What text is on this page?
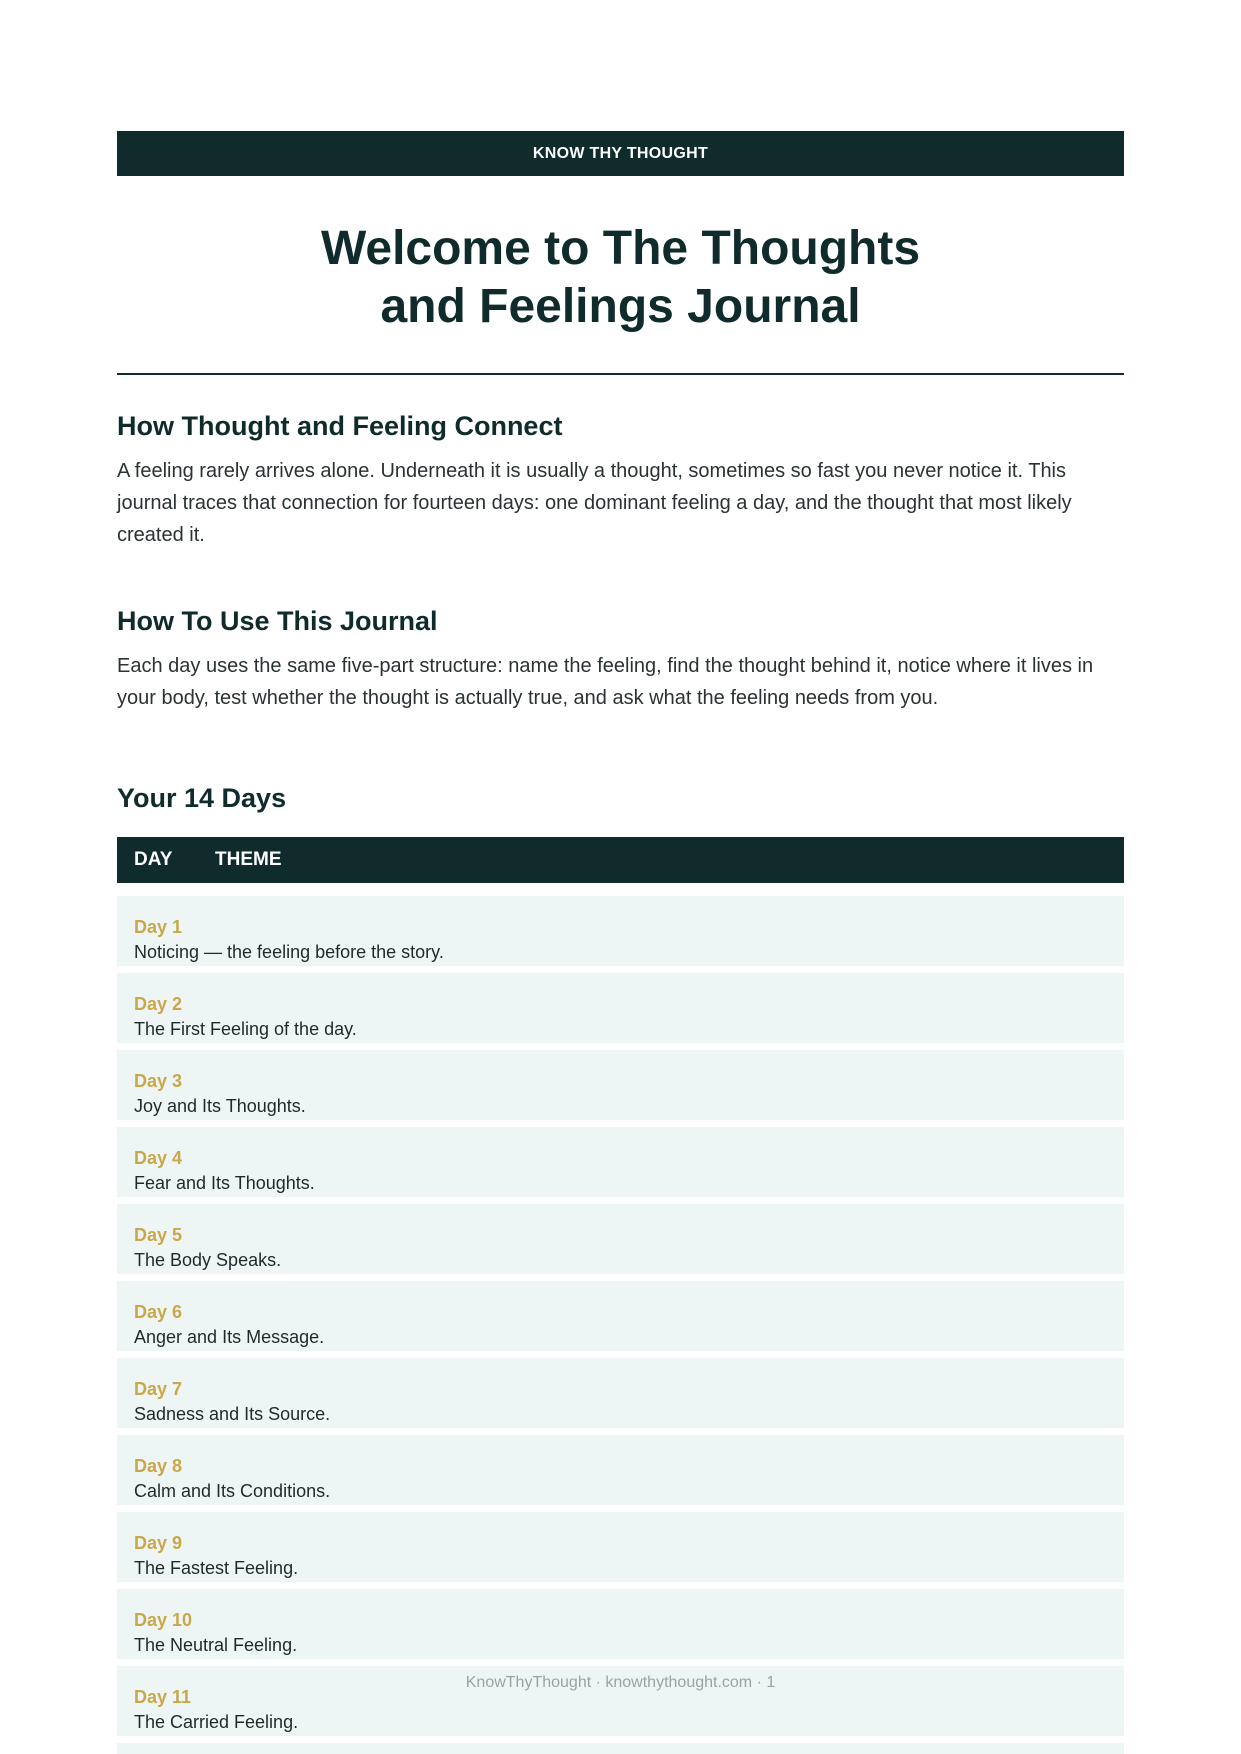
KNOW THY THOUGHT
Welcome to The Thoughts
and Feelings Journal
How Thought and Feeling Connect

A feeling rarely arrives alone. Underneath it is usually a thought, sometimes so fast you never notice it. This journal traces that connection for fourteen days: one dominant feeling a day, and the thought that most likely created it.

How To Use This Journal

Each day uses the same five-part structure: name the feeling, find the thought behind it, notice where it lives in your body, test whether the thought is actually true, and ask what the feeling needs from you.

Your 14 Days
DAY	THEME
Day 1
Noticing — the feeling before the story.
Day 2
The First Feeling of the day.
Day 3
Joy and Its Thoughts.
Day 4
Fear and Its Thoughts.
Day 5
The Body Speaks.
Day 6
Anger and Its Message.
Day 7
Sadness and Its Source.
Day 8
Calm and Its Conditions.
Day 9
The Fastest Feeling.
Day 10
The Neutral Feeling.
Day 11
The Carried Feeling.
KnowThyThought · knowthythought.com · 1
